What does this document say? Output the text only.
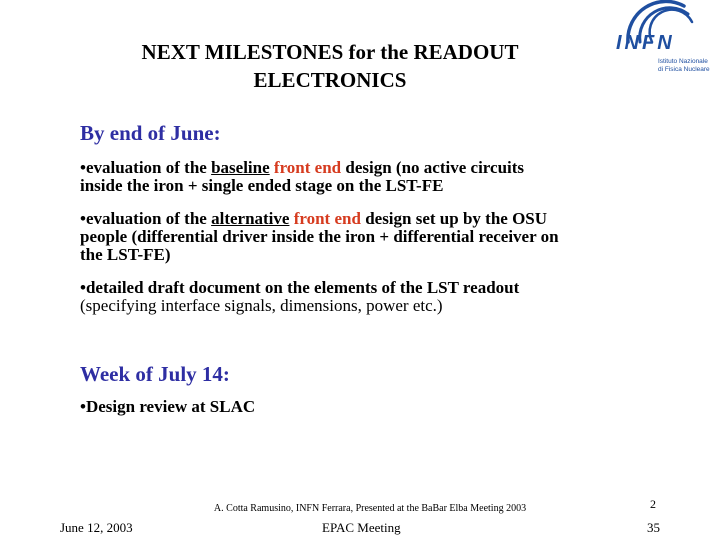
NEXT MILESTONES for the READOUT
ELECTRONICS
INFN
Istituto Nazionale
di Fisica Nucleare
By end of June:
•evaluation of the baseline front end design (no active circuits
inside the iron + single ended stage on the LST-FE
•evaluation of the alternative front end design set up by the OSU
people (differential driver inside the iron + differential receiver on
the LST-FE)
•detailed draft document on the elements of the LST readout
(specifying interface signals, dimensions, power etc.)
Week of July 14:
•Design review at SLAC
2
A. Cotta Ramusino, INFN Ferrara, Presented at the BaBar Elba Meeting 2003
June 12, 2003	EPAC Meeting	35
